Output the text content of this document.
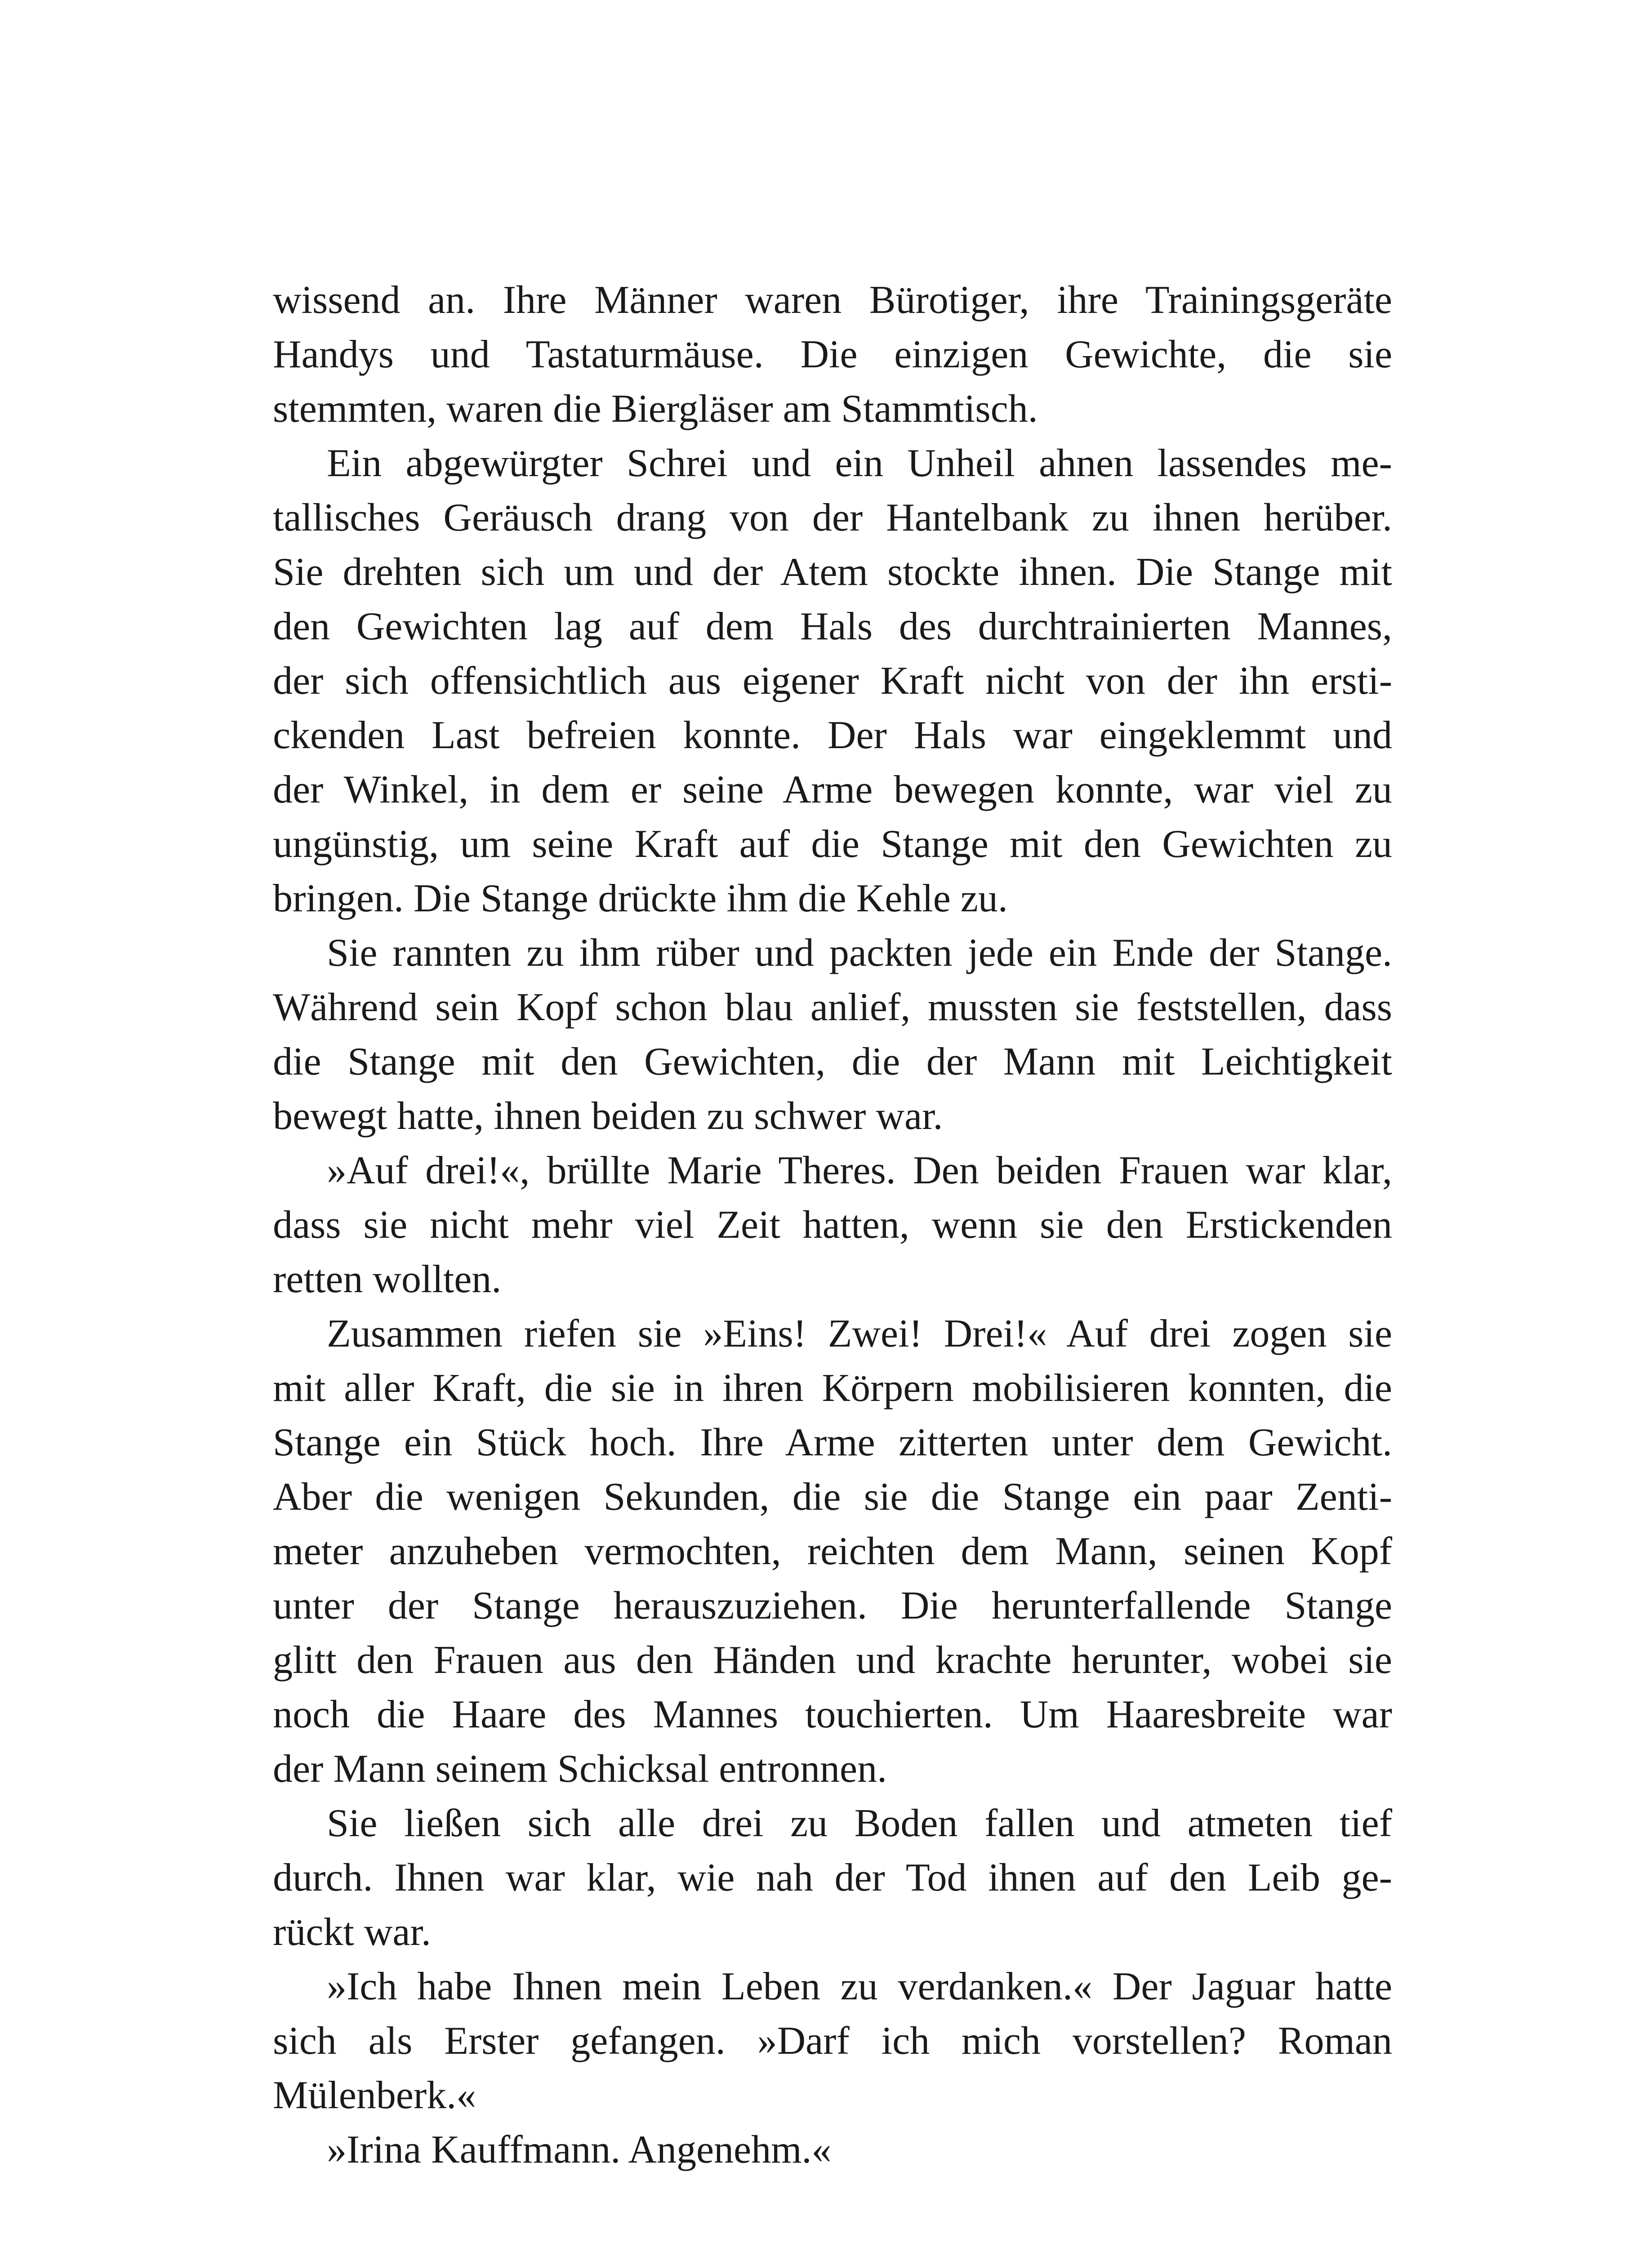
wissend an. Ihre Männer waren Bürotiger, ihre Trainingsgeräte
Handys und Tastaturmäuse. Die einzigen Gewichte, die sie
stemmten, waren die Biergläser am Stammtisch.
Ein abgewürgter Schrei und ein Unheil ahnen lassendes me-
tallisches Geräusch drang von der Hantelbank zu ihnen herüber.
Sie drehten sich um und der Atem stockte ihnen. Die Stange mit
den Gewichten lag auf dem Hals des durchtrainierten Mannes,
der sich offensichtlich aus eigener Kraft nicht von der ihn ersti-
ckenden Last befreien konnte. Der Hals war eingeklemmt und
der Winkel, in dem er seine Arme bewegen konnte, war viel zu
ungünstig, um seine Kraft auf die Stange mit den Gewichten zu
bringen. Die Stange drückte ihm die Kehle zu.
Sie rannten zu ihm rüber und packten jede ein Ende der Stange.
Während sein Kopf schon blau anlief, mussten sie feststellen, dass
die Stange mit den Gewichten, die der Mann mit Leichtigkeit
bewegt hatte, ihnen beiden zu schwer war.
»Auf drei!«, brüllte Marie Theres. Den beiden Frauen war klar,
dass sie nicht mehr viel Zeit hatten, wenn sie den Erstickenden
retten wollten.
Zusammen riefen sie »Eins! Zwei! Drei!« Auf drei zogen sie
mit aller Kraft, die sie in ihren Körpern mobilisieren konnten, die
Stange ein Stück hoch. Ihre Arme zitterten unter dem Gewicht.
Aber die wenigen Sekunden, die sie die Stange ein paar Zenti-
meter anzuheben vermochten, reichten dem Mann, seinen Kopf
unter der Stange herauszuziehen. Die herunterfallende Stange
glitt den Frauen aus den Händen und krachte herunter, wobei sie
noch die Haare des Mannes touchierten. Um Haaresbreite war
der Mann seinem Schicksal entronnen.
Sie ließen sich alle drei zu Boden fallen und atmeten tief
durch. Ihnen war klar, wie nah der Tod ihnen auf den Leib ge-
rückt war.
»Ich habe Ihnen mein Leben zu verdanken.« Der Jaguar hatte
sich als Erster gefangen. »Darf ich mich vorstellen? Roman
Mülenberk.«
»Irina Kauffmann. Angenehm.«
